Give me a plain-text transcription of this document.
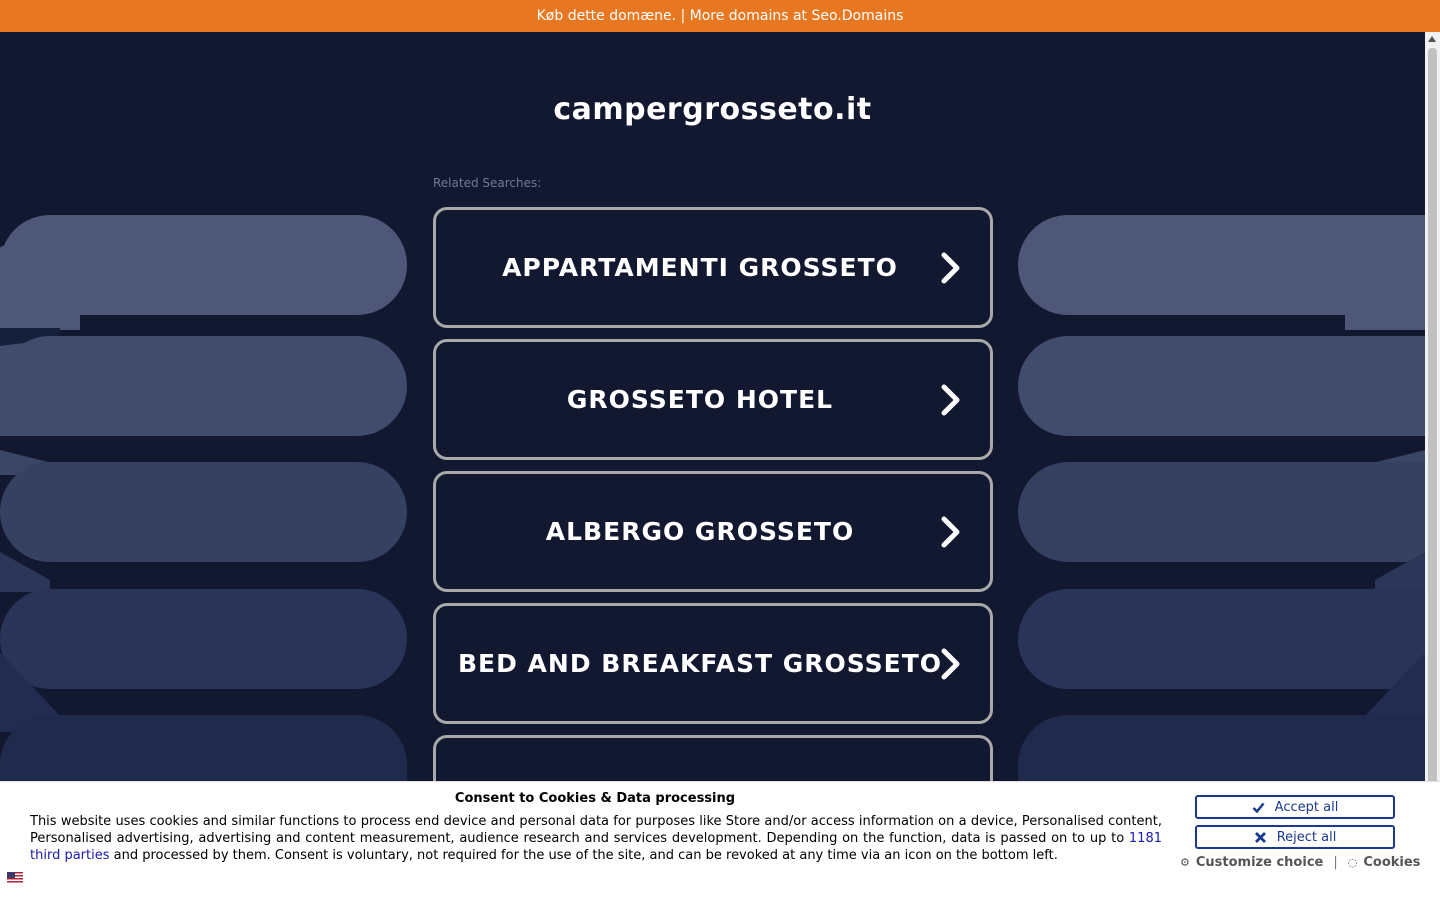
Køb dette domæne. | More domains at Seo.Domains
campergrosseto.it
Related Searches:
APPARTAMENTI GROSSETO
GROSSETO HOTEL
ALBERGO GROSSETO
BED AND BREAKFAST GROSSETO
Consent to Cookies & Data processing
This website uses cookies and similar functions to process end device and personal data for purposes like Store and/or access information on a device, Personalised content, Personalised advertising, advertising and content measurement, audience research and services development. Depending on the function, data is passed on to up to 1181 third parties and processed by them. Consent is voluntary, not required for the use of the site, and can be revoked at any time via an icon on the bottom left.
Accept all
Reject all
⚙ Customize choice | ◌ Cookies
